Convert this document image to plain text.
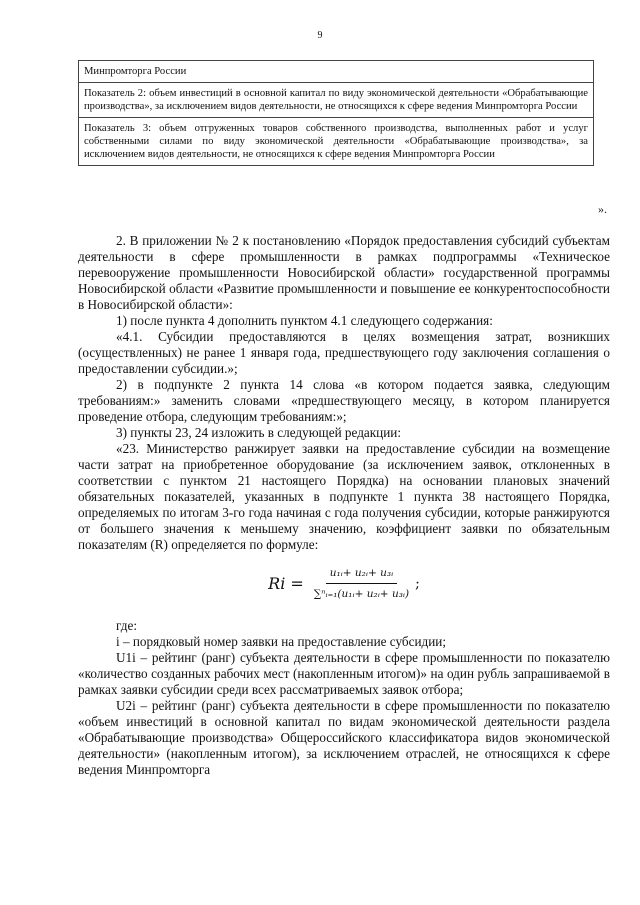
9
Минпромторга России
Показатель 2: объем инвестиций в основной капитал по виду экономической деятельности «Обрабатывающие производства», за исключением видов деятельности, не относящихся к сфере ведения Минпромторга России
Показатель 3: объем отгруженных товаров собственного производства, выполненных работ и услуг собственными силами по виду экономической деятельности «Обрабатывающие производства», за исключением видов деятельности, не относящихся к сфере ведения Минпромторга России
».

2. В приложении № 2 к постановлению «Порядок предоставления субсидий субъектам деятельности в сфере промышленности в рамках подпрограммы «Техническое перевооружение промышленности Новосибирской области» государственной программы Новосибирской области «Развитие промышленности и повышение ее конкурентоспособности в Новосибирской области»:

1) после пункта 4 дополнить пунктом 4.1 следующего содержания:

«4.1. Субсидии предоставляются в целях возмещения затрат, возникших (осуществленных) не ранее 1 января года, предшествующего году заключения соглашения о предоставлении субсидии.»;

2) в подпункте 2 пункта 14 слова «в котором подается заявка, следующим требованиям:» заменить словами «предшествующего месяцу, в котором планируется проведение отбора, следующим требованиям:»;

3) пункты 23, 24 изложить в следующей редакции:

«23. Министерство ранжирует заявки на предоставление субсидии на возмещение части затрат на приобретенное оборудование (за исключением заявок, отклоненных в соответствии с пунктом 21 настоящего Порядка) на основании плановых значений обязательных показателей, указанных в подпункте 1 пункта 38 настоящего Порядка, определяемых по итогам 3-го года начиная с года получения субсидии, которые ранжируются от большего значения к меньшему значению, коэффициент заявки по обязательным показателям (R) определяется по формуле:

$Ri = \frac{\text{u₁ᵢ+ u₂ᵢ+ u₃ᵢ}}{\text{∑ⁿᵢ₌₁(u₁ᵢ+ u₂ᵢ+ u₃ᵢ)}}$ ;

где:

i – порядковый номер заявки на предоставление субсидии;

U1i – рейтинг (ранг) субъекта деятельности в сфере промышленности по показателю «количество созданных рабочих мест (накопленным итогом)» на один рубль запрашиваемой в рамках заявки субсидии среди всех рассматриваемых заявок отбора;

U2i – рейтинг (ранг) субъекта деятельности в сфере промышленности по показателю «объем инвестиций в основной капитал по видам экономической деятельности раздела «Обрабатывающие производства» Общероссийского классификатора видов экономической деятельности» (накопленным итогом), за исключением отраслей, не относящихся к сфере ведения Минпромторга
